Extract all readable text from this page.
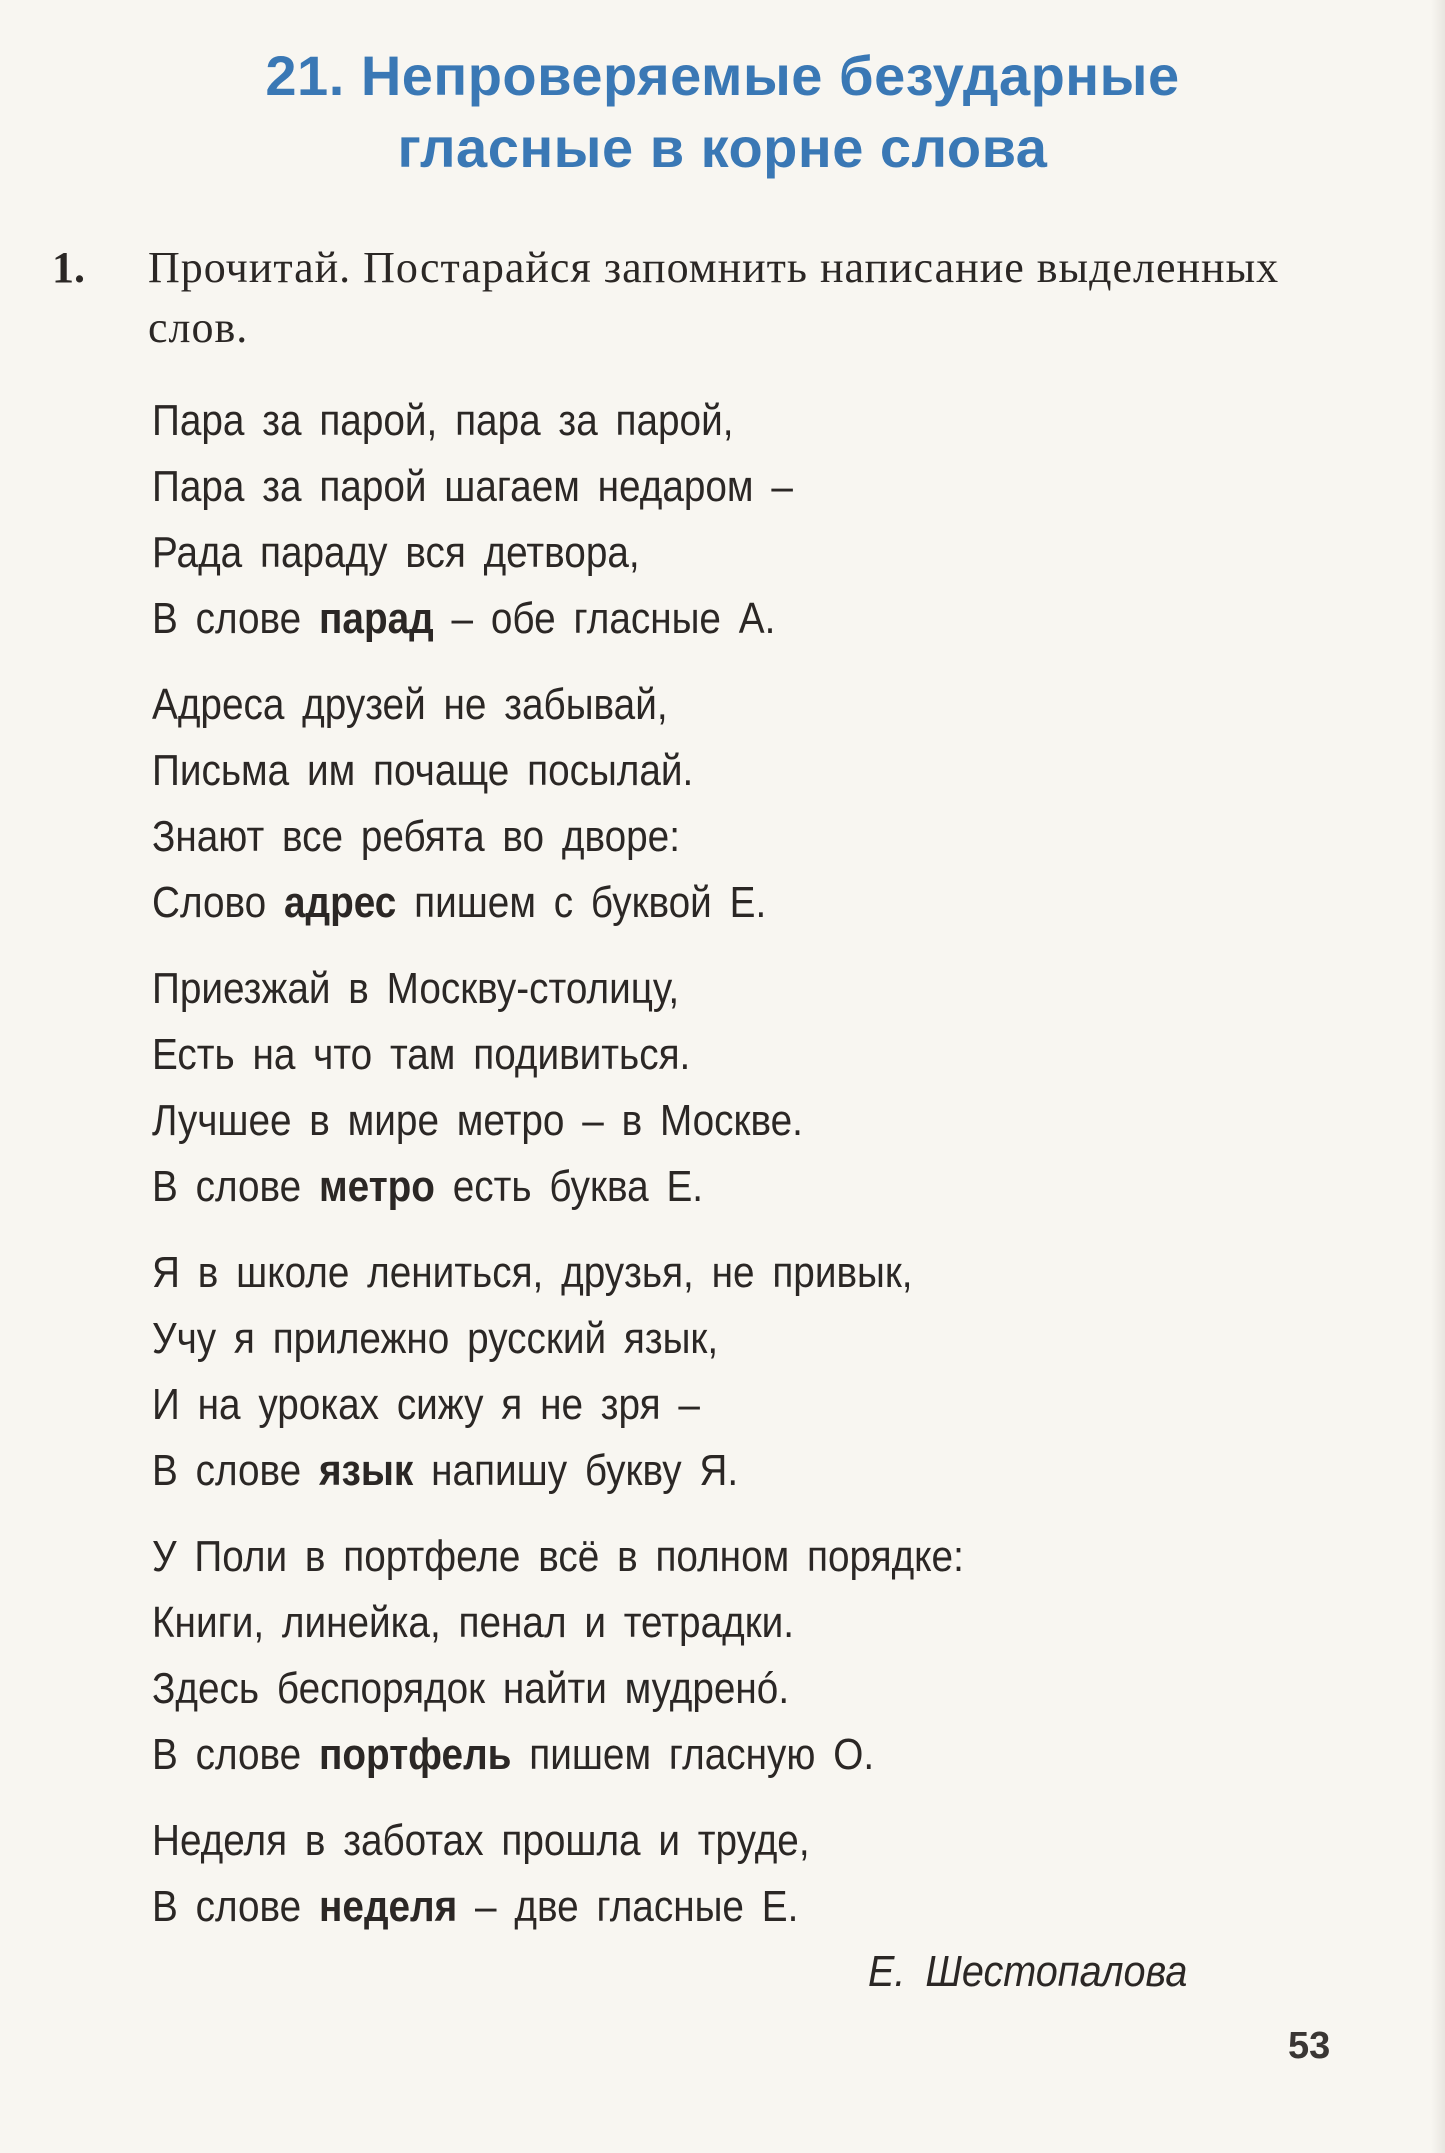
21. Непроверяемые безударные
гласные в корне слова
1.	Прочитай. Постарайся запомнить написание выделенных слов.
Пара за парой, пара за парой,
Пара за парой шагаем недаром –
Рада параду вся детвора,
В слове парад – обе гласные А.
Адреса друзей не забывай,
Письма им почаще посылай.
Знают все ребята во дворе:
Слово адрес пишем с буквой Е.
Приезжай в Москву-столицу,
Есть на что там подивиться.
Лучшее в мире метро – в Москве.
В слове метро есть буква Е.
Я в школе лениться, друзья, не привык,
Учу я прилежно русский язык,
И на уроках сижу я не зря –
В слове язык напишу букву Я.
У Поли в портфеле всё в полном порядке:
Книги, линейка, пенал и тетрадки.
Здесь беспорядок найти мудренó.
В слове портфель пишем гласную О.
Неделя в заботах прошла и труде,
В слове неделя – две гласные Е.
Е. Шестопалова
53
